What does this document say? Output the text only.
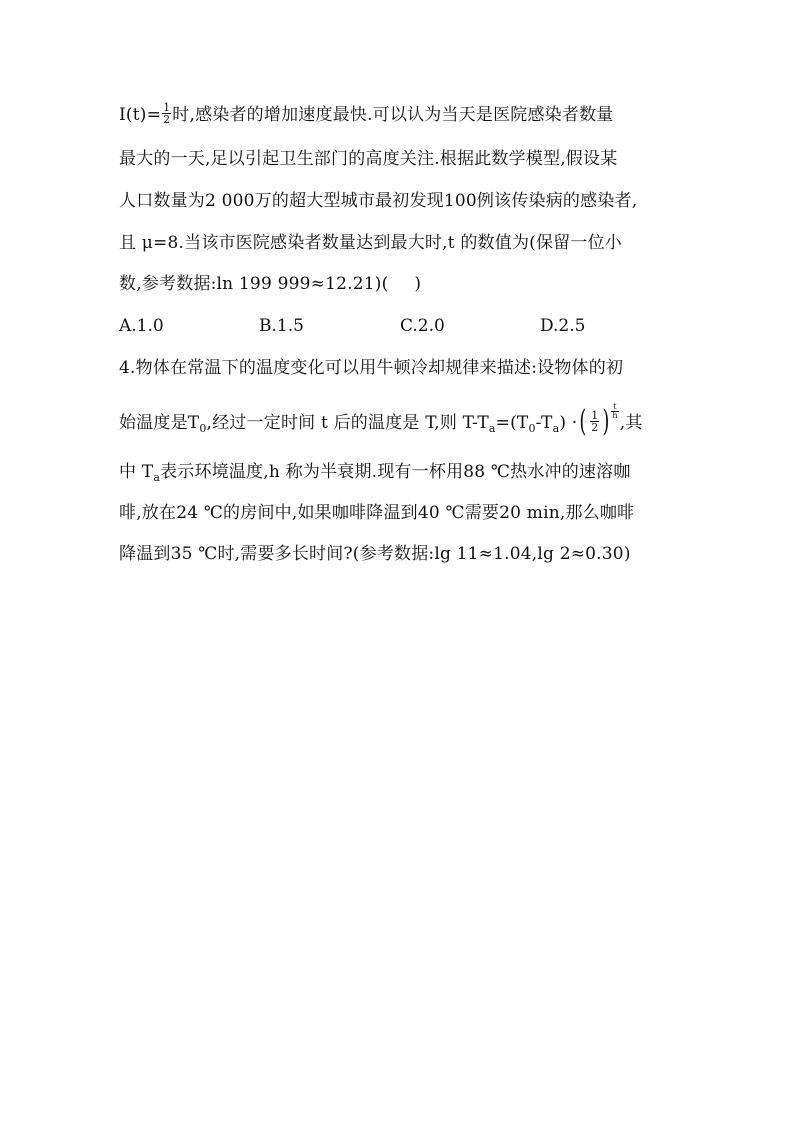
$I(t)= \frac{1}{2}$ 时,感染者的增加速度最快.可以认为当天是医院感染者数量
最大的一天,足以引起卫生部门的高度关注.根据此数学模型,假设某
人口数量为2 000万的超大型城市最初发现100例该传染病的感染者,
且 μ=8.当该市医院感染者数量达到最大时,t 的数值为(保留一位小
数,参考数据:ln 199 999≈12.21)( )
A.1.0	B.1.5	C.2.0	D.2.5
4.物体在常温下的温度变化可以用牛顿冷却规律来描述:设物体的初
始温度是$T_0$,经过一定时间 t 后的温度是 T,则 $T-T_a=(T_0-T_a)$ ·( $\frac{1}{2}$ ) $\frac{t}{h}$
,其
中 $T_a$表示环境温度,h 称为半衰期.现有一杯用88 ℃热水冲的速溶咖
啡,放在24 ℃的房间中,如果咖啡降温到40 ℃需要20 min,那么咖啡
降温到35 ℃时,需要多长时间?(参考数据:lg 11≈1.04,lg 2≈0.30)
